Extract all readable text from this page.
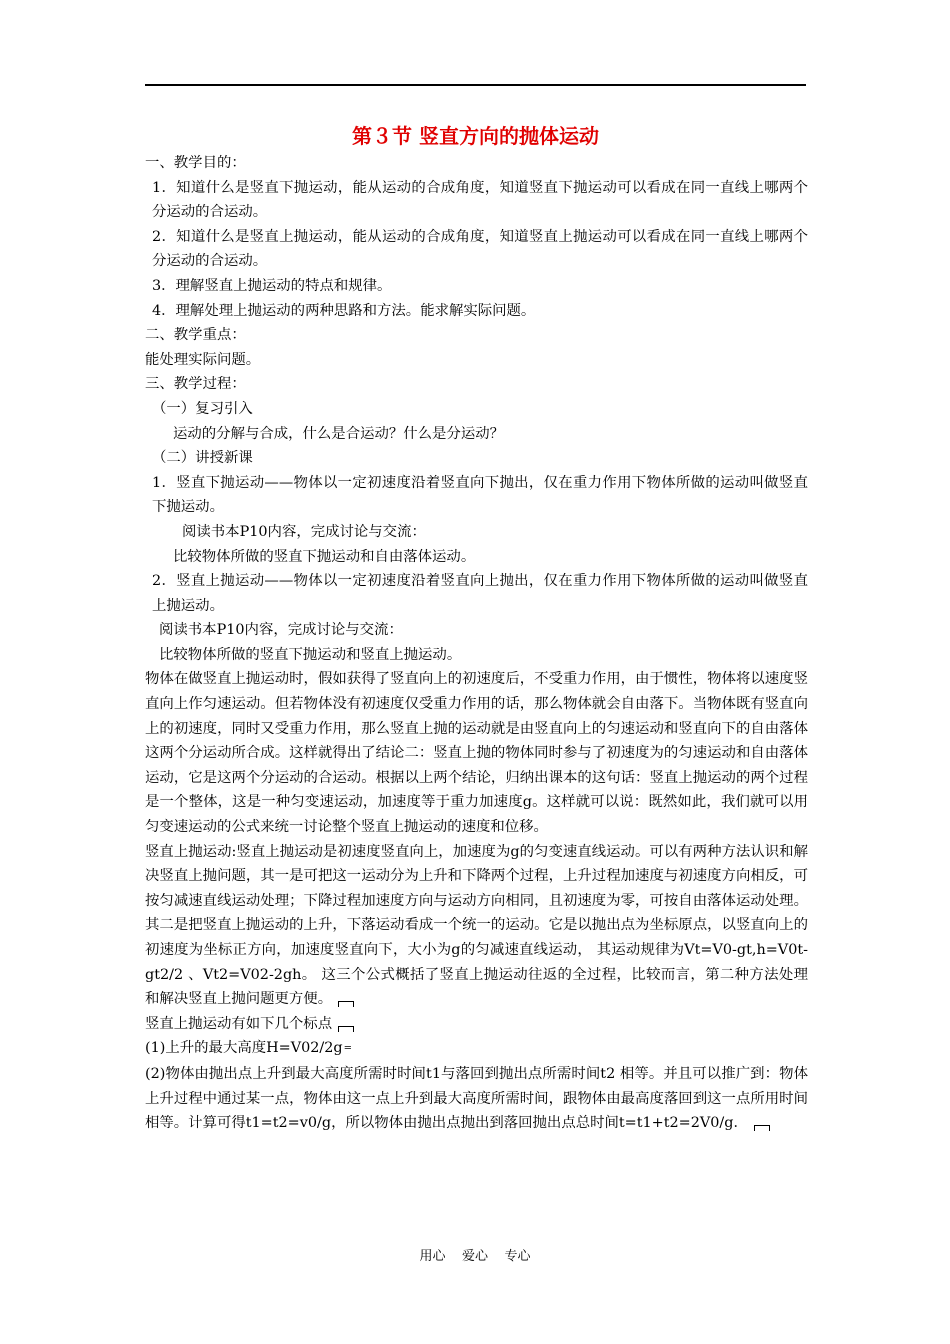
第３节 竖直方向的抛体运动

一、教学目的：

1．知道什么是竖直下抛运动，能从运动的合成角度，知道竖直下抛运动可以看成在同一直线上哪两个分运动的合运动。

2．知道什么是竖直上抛运动，能从运动的合成角度，知道竖直上抛运动可以看成在同一直线上哪两个分运动的合运动。

3．理解竖直上抛运动的特点和规律。

4．理解处理上抛运动的两种思路和方法。能求解实际问题。

二、教学重点：

能处理实际问题。

三、教学过程：

（一）复习引入

运动的分解与合成，什么是合运动？什么是分运动？

（二）讲授新课

1．竖直下抛运动——物体以一定初速度沿着竖直向下抛出，仅在重力作用下物体所做的运动叫做竖直下抛运动。

阅读书本P10内容，完成讨论与交流：

比较物体所做的竖直下抛运动和自由落体运动。

2．竖直上抛运动——物体以一定初速度沿着竖直向上抛出，仅在重力作用下物体所做的运动叫做竖直上抛运动。

阅读书本P10内容，完成讨论与交流：

比较物体所做的竖直下抛运动和竖直上抛运动。

物体在做竖直上抛运动时，假如获得了竖直向上的初速度后，不受重力作用，由于惯性，物体将以速度竖直向上作匀速运动。但若物体没有初速度仅受重力作用的话，那么物体就会自由落下。当物体既有竖直向上的初速度，同时又受重力作用，那么竖直上抛的运动就是由竖直向上的匀速运动和竖直向下的自由落体这两个分运动所合成。这样就得出了结论二：竖直上抛的物体同时参与了初速度为的匀速运动和自由落体运动，它是这两个分运动的合运动。根据以上两个结论，归纳出课本的这句话：竖直上抛运动的两个过程是一个整体，这是一种匀变速运动，加速度等于重力加速度g。这样就可以说：既然如此，我们就可以用匀变速运动的公式来统一讨论整个竖直上抛运动的速度和位移。

竖直上抛运动:竖直上抛运动是初速度竖直向上，加速度为g的匀变速直线运动。可以有两种方法认识和解决竖直上抛问题，其一是可把这一运动分为上升和下降两个过程，上升过程加速度与初速度方向相反，可按匀减速直线运动处理；下降过程加速度方向与运动方向相同，且初速度为零，可按自由落体运动处理。其二是把竖直上抛运动的上升，下落运动看成一个统一的运动。它是以抛出点为坐标原点，以竖直向上的初速度为坐标正方向，加速度竖直向下，大小为g的匀减速直线运动， 其运动规律为Vt=V0-gt,h=V0t-gt2/2 、Vt2=V02-2gh。 这三个公式概括了竖直上抛运动往返的全过程，比较而言，第二种方法处理和解决竖直上抛问题更方便。

竖直上抛运动有如下几个标点

(1)上升的最大高度H=V02/2g=

(2)物体由抛出点上升到最大高度所需时时间t1与落回到抛出点所需时间t2 相等。并且可以推广到：物体上升过程中通过某一点，物体由这一点上升到最大高度所需时间，跟物体由最高度落回到这一点所用时间相等。计算可得t1=t2=v0/g，所以物体由抛出点抛出到落回抛出点总时间t=t1+t2=2V0/g．

用心    爱心    专心
